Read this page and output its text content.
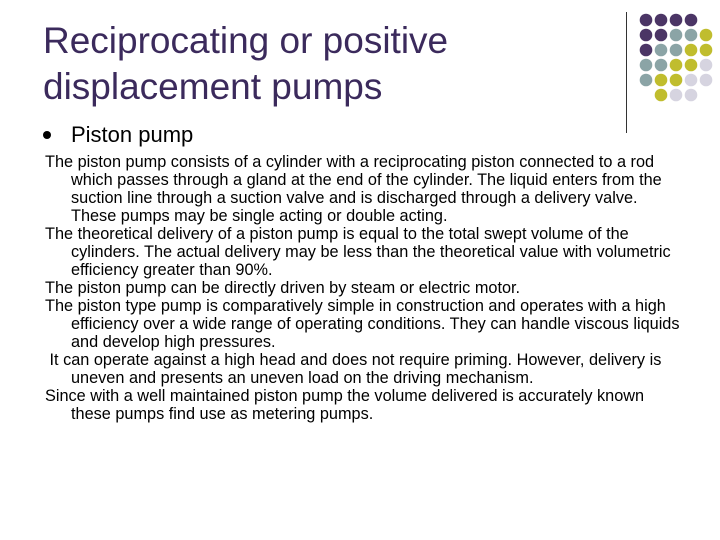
Reciprocating or positive
displacement pumps
Piston pump

The piston pump consists of a cylinder with a reciprocating piston connected to a rod which passes through a gland at the end of the cylinder. The liquid enters from the suction line through a suction valve and is discharged through a delivery valve. These pumps may be single acting or double acting.

The theoretical delivery of a piston pump is equal to the total swept volume of the cylinders. The actual delivery may be less than the theoretical value with volumetric efficiency greater than 90%.

The piston pump can be directly driven by steam or electric motor.

The piston type pump is comparatively simple in construction and operates with a high efficiency over a wide range of operating conditions. They can handle viscous liquids and develop high pressures.

It can operate against a high head and does not require priming. However, delivery is uneven and presents an uneven load on the driving mechanism.

Since with a well maintained piston pump the volume delivered is accurately known these pumps find use as metering pumps.
